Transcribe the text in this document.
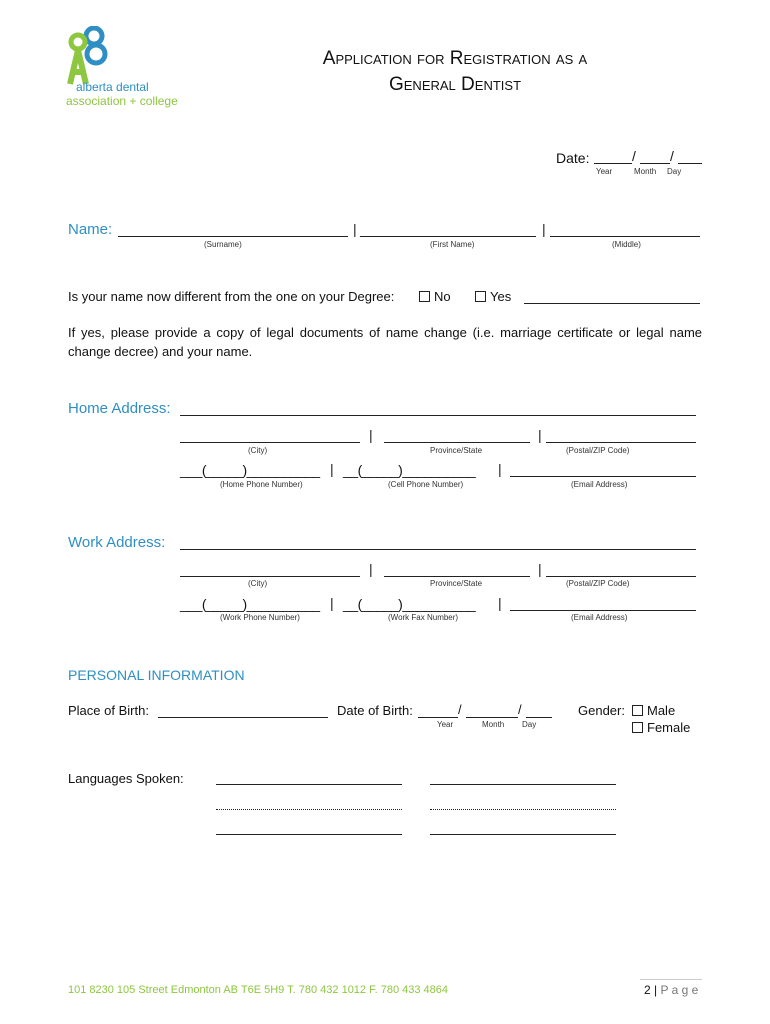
alberta dental
association + college
Application for Registration as a
General Dentist
Date:	/ /
Year	Month Day
Name:	|	|
(Surname)	(First Name)	(Middle)
Is your name now different from the one on your Degree:	No	Yes
If yes, please provide a copy of legal documents of name change (i.e. marriage certificate or legal name change decree) and your name.
Home Address:
|	|
(City)	Province/State	(Postal/ZIP Code)
___(_____)__________ | __(_____)__________ |
(Home Phone Number)	(Cell Phone Number)	(Email Address)
Work Address:
|	|
(City)	Province/State	(Postal/ZIP Code)
___(_____)__________ | __(_____)__________ |
(Work Phone Number)	(Work Fax Number)	(Email Address)
PERSONAL INFORMATION
Place of Birth:	Date of Birth:	/	/
Year	Month Day
Gender:	Male
Female
Languages Spoken:
101 8230 105 Street Edmonton AB T6E 5H9 T. 780 432 1012 F. 780 433 4864	2 | P a g e
